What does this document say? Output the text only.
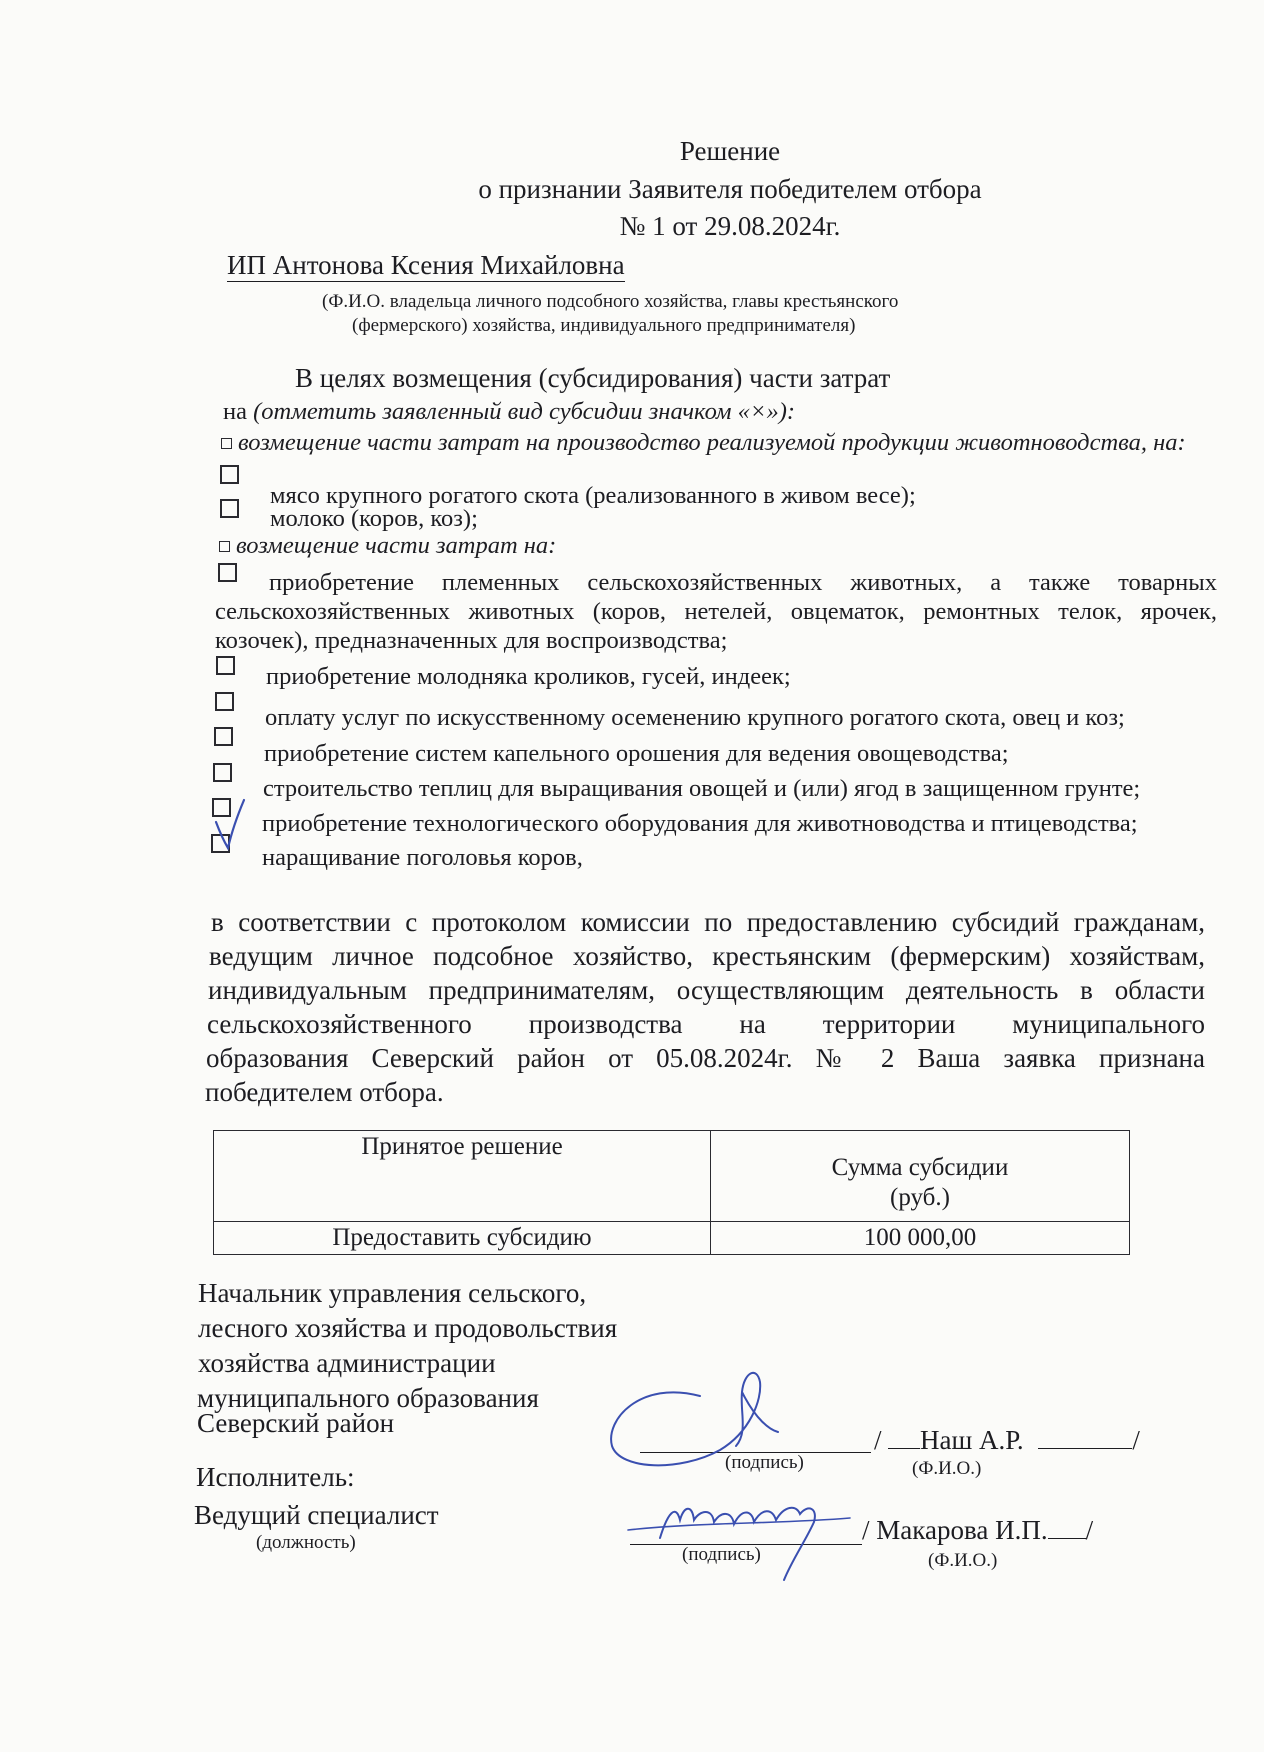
Решение
о признании Заявителя победителем отбора
№ 1 от 29.08.2024г.
ИП Антонова Ксения Михайловна
(Ф.И.О. владельца личного подсобного хозяйства, главы крестьянского
(фермерского) хозяйства, индивидуального предпринимателя)
В целях возмещения (субсидирования) части затрат
на (отметить заявленный вид субсидии значком «×»):
возмещение части затрат на производство реализуемой продукции животноводства, на:
мясо крупного рогатого скота (реализованного в живом весе);
молоко (коров, коз);
возмещение части затрат на:
приобретение племенных сельскохозяйственных животных, а также товарных
сельскохозяйственных животных (коров, нетелей, овцематок, ремонтных телок, ярочек,
козочек), предназначенных для воспроизводства;
приобретение молодняка кроликов, гусей, индеек;
оплату услуг по искусственному осеменению крупного рогатого скота, овец и коз;
приобретение систем капельного орошения для ведения овощеводства;
строительство теплиц для выращивания овощей и (или) ягод в защищенном грунте;
приобретение технологического оборудования для животноводства и птицеводства;
наращивание поголовья коров,
в соответствии с протоколом комиссии по предоставлению субсидий гражданам,
ведущим личное подсобное хозяйство, крестьянским (фермерским) хозяйствам,
индивидуальным предпринимателям, осуществляющим деятельность в области
сельскохозяйственного производства на территории муниципального
образования Северский район от 05.08.2024г. № 2 Ваша заявка признана
победителем отбора.
Принятое решение	Сумма субсидии
(руб.)

Предоставить субсидию	100 000,00
Начальник управления сельского,
лесного хозяйства и продовольствия
хозяйства администрации
муниципального образования
Северский район
/	Наш А.Р.	/
(подпись)	(Ф.И.О.)
Исполнитель:
Ведущий специалист
(должность)	/ Макарова И.П. /
(подпись)	(Ф.И.О.)
